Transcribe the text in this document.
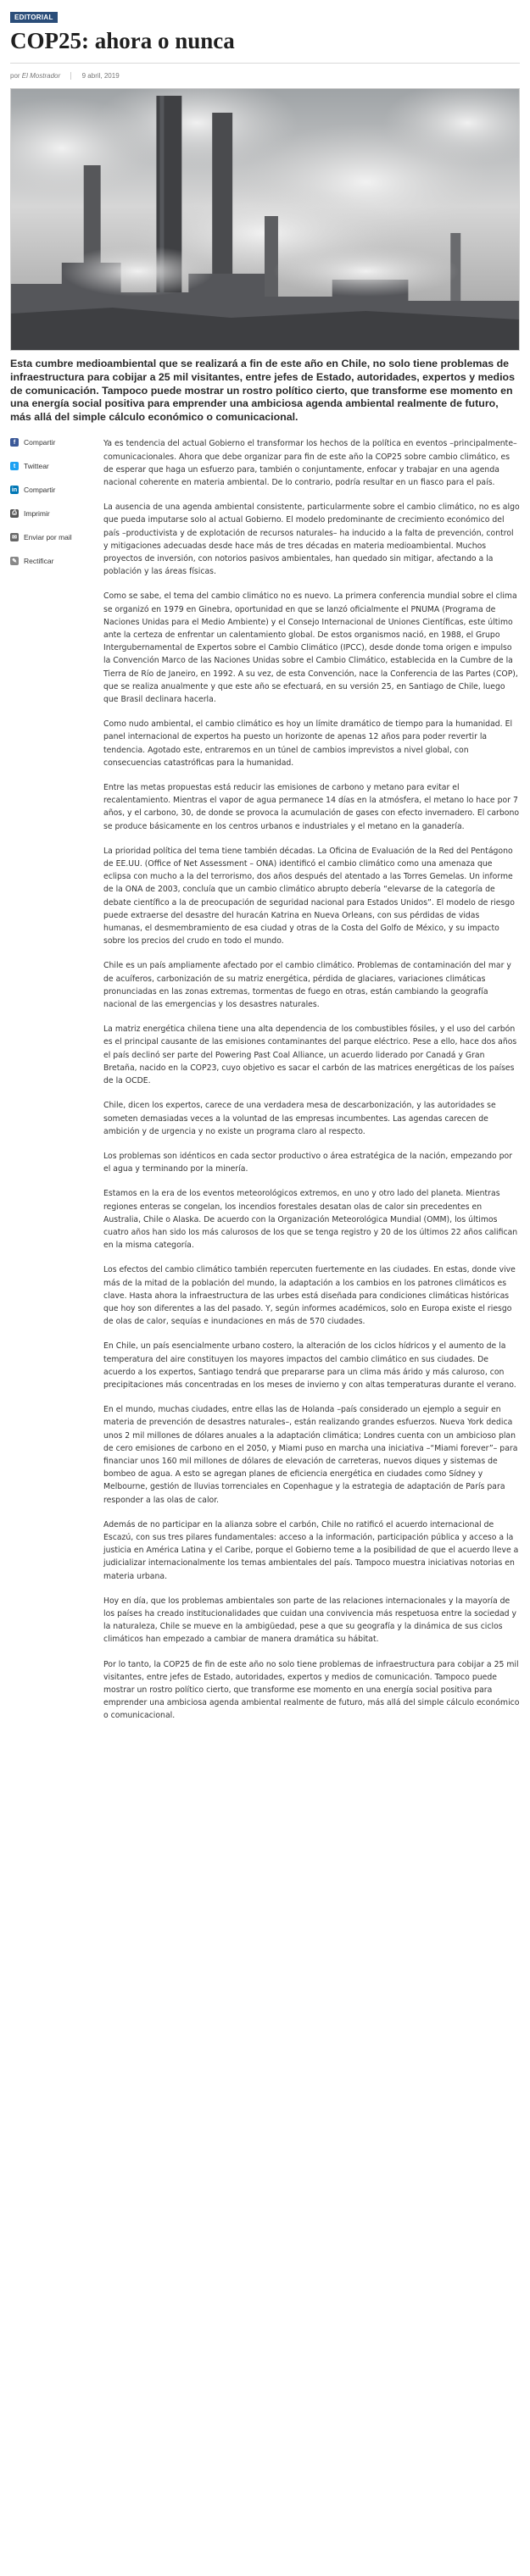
EDITORIAL
COP25: ahora o nunca
por El Mostrador	9 abril, 2019

Esta cumbre medioambiental que se realizará a fin de este año en Chile, no solo tiene problemas de infraestructura para cobijar a 25 mil visitantes, entre jefes de Estado, autoridades, expertos y medios de comunicación. Tampoco puede mostrar un rostro político cierto, que transforme ese momento en una energía social positiva para emprender una ambiciosa agenda ambiental realmente de futuro, más allá del simple cálculo económico o comunicacional.

f	Compartir
t	Twittear
in Compartir
⎙ Imprimir
✉ Enviar por mail
✎ Rectificar

Ya es tendencia del actual Gobierno el transformar los hechos de la política en eventos –principalmente– comunicacionales. Ahora que debe organizar para fin de este año la COP25 sobre cambio climático, es de esperar que haga un esfuerzo para, también o conjuntamente, enfocar y trabajar en una agenda nacional coherente en materia ambiental. De lo contrario, podría resultar en un fiasco para el país.

La ausencia de una agenda ambiental consistente, particularmente sobre el cambio climático, no es algo que pueda imputarse solo al actual Gobierno. El modelo predominante de crecimiento económico del país –productivista y de explotación de recursos naturales– ha inducido a la falta de prevención, control y mitigaciones adecuadas desde hace más de tres décadas en materia medioambiental. Muchos proyectos de inversión, con notorios pasivos ambientales, han quedado sin mitigar, afectando a la población y las áreas físicas.

Como se sabe, el tema del cambio climático no es nuevo. La primera conferencia mundial sobre el clima se organizó en 1979 en Ginebra, oportunidad en que se lanzó oficialmente el PNUMA (Programa de Naciones Unidas para el Medio Ambiente) y el Consejo Internacional de Uniones Científicas, este último ante la certeza de enfrentar un calentamiento global. De estos organismos nació, en 1988, el Grupo Intergubernamental de Expertos sobre el Cambio Climático (IPCC), desde donde toma origen e impulso la Convención Marco de las Naciones Unidas sobre el Cambio Climático, establecida en la Cumbre de la Tierra de Río de Janeiro, en 1992. A su vez, de esta Convención, nace la Conferencia de las Partes (COP), que se realiza anualmente y que este año se efectuará, en su versión 25, en Santiago de Chile, luego que Brasil declinara hacerla.

Como nudo ambiental, el cambio climático es hoy un límite dramático de tiempo para la humanidad. El panel internacional de expertos ha puesto un horizonte de apenas 12 años para poder revertir la tendencia. Agotado este, entraremos en un túnel de cambios imprevistos a nivel global, con consecuencias catastróficas para la humanidad.

Entre las metas propuestas está reducir las emisiones de carbono y metano para evitar el recalentamiento. Mientras el vapor de agua permanece 14 días en la atmósfera, el metano lo hace por 7 años, y el carbono, 30, de donde se provoca la acumulación de gases con efecto invernadero. El carbono se produce básicamente en los centros urbanos e industriales y el metano en la ganadería.

La prioridad política del tema tiene también décadas. La Oficina de Evaluación de la Red del Pentágono de EE.UU. (Office of Net Assessment – ONA) identificó el cambio climático como una amenaza que eclipsa con mucho a la del terrorismo, dos años después del atentado a las Torres Gemelas. Un informe de la ONA de 2003, concluía que un cambio climático abrupto debería “elevarse de la categoría de debate científico a la de preocupación de seguridad nacional para Estados Unidos”. El modelo de riesgo puede extraerse del desastre del huracán Katrina en Nueva Orleans, con sus pérdidas de vidas humanas, el desmembramiento de esa ciudad y otras de la Costa del Golfo de México, y su impacto sobre los precios del crudo en todo el mundo.

Chile es un país ampliamente afectado por el cambio climático. Problemas de contaminación del mar y de acuíferos, carbonización de su matriz energética, pérdida de glaciares, variaciones climáticas pronunciadas en las zonas extremas, tormentas de fuego en otras, están cambiando la geografía nacional de las emergencias y los desastres naturales.

La matriz energética chilena tiene una alta dependencia de los combustibles fósiles, y el uso del carbón es el principal causante de las emisiones contaminantes del parque eléctrico. Pese a ello, hace dos años el país declinó ser parte del Powering Past Coal Alliance, un acuerdo liderado por Canadá y Gran Bretaña, nacido en la COP23, cuyo objetivo es sacar el carbón de las matrices energéticas de los países de la OCDE.

Chile, dicen los expertos, carece de una verdadera mesa de descarbonización, y las autoridades se someten demasiadas veces a la voluntad de las empresas incumbentes. Las agendas carecen de ambición y de urgencia y no existe un programa claro al respecto.

Los problemas son idénticos en cada sector productivo o área estratégica de la nación, empezando por el agua y terminando por la minería.

Estamos en la era de los eventos meteorológicos extremos, en uno y otro lado del planeta. Mientras regiones enteras se congelan, los incendios forestales desatan olas de calor sin precedentes en Australia, Chile o Alaska. De acuerdo con la Organización Meteorológica Mundial (OMM), los últimos cuatro años han sido los más calurosos de los que se tenga registro y 20 de los últimos 22 años califican en la misma categoría.

Los efectos del cambio climático también repercuten fuertemente en las ciudades. En estas, donde vive más de la mitad de la población del mundo, la adaptación a los cambios en los patrones climáticos es clave. Hasta ahora la infraestructura de las urbes está diseñada para condiciones climáticas históricas que hoy son diferentes a las del pasado. Y, según informes académicos, solo en Europa existe el riesgo de olas de calor, sequías e inundaciones en más de 570 ciudades.

En Chile, un país esencialmente urbano costero, la alteración de los ciclos hídricos y el aumento de la temperatura del aire constituyen los mayores impactos del cambio climático en sus ciudades. De acuerdo a los expertos, Santiago tendrá que prepararse para un clima más árido y más caluroso, con precipitaciones más concentradas en los meses de invierno y con altas temperaturas durante el verano.

En el mundo, muchas ciudades, entre ellas las de Holanda –país considerado un ejemplo a seguir en materia de prevención de desastres naturales–, están realizando grandes esfuerzos. Nueva York dedica unos 2 mil millones de dólares anuales a la adaptación climática; Londres cuenta con un ambicioso plan de cero emisiones de carbono en el 2050, y Miami puso en marcha una iniciativa –“Miami forever”– para financiar unos 160 mil millones de dólares de elevación de carreteras, nuevos diques y sistemas de bombeo de agua. A esto se agregan planes de eficiencia energética en ciudades como Sídney y Melbourne, gestión de lluvias torrenciales en Copenhague y la estrategia de adaptación de París para responder a las olas de calor.

Además de no participar en la alianza sobre el carbón, Chile no ratificó el acuerdo internacional de Escazú, con sus tres pilares fundamentales: acceso a la información, participación pública y acceso a la justicia en América Latina y el Caribe, porque el Gobierno teme a la posibilidad de que el acuerdo lleve a judicializar internacionalmente los temas ambientales del país. Tampoco muestra iniciativas notorias en materia urbana.

Hoy en día, que los problemas ambientales son parte de las relaciones internacionales y la mayoría de los países ha creado institucionalidades que cuidan una convivencia más respetuosa entre la sociedad y la naturaleza, Chile se mueve en la ambigüedad, pese a que su geografía y la dinámica de sus ciclos climáticos han empezado a cambiar de manera dramática su hábitat.

Por lo tanto, la COP25 de fin de este año no solo tiene problemas de infraestructura para cobijar a 25 mil visitantes, entre jefes de Estado, autoridades, expertos y medios de comunicación. Tampoco puede mostrar un rostro político cierto, que transforme ese momento en una energía social positiva para emprender una ambiciosa agenda ambiental realmente de futuro, más allá del simple cálculo económico o comunicacional.
